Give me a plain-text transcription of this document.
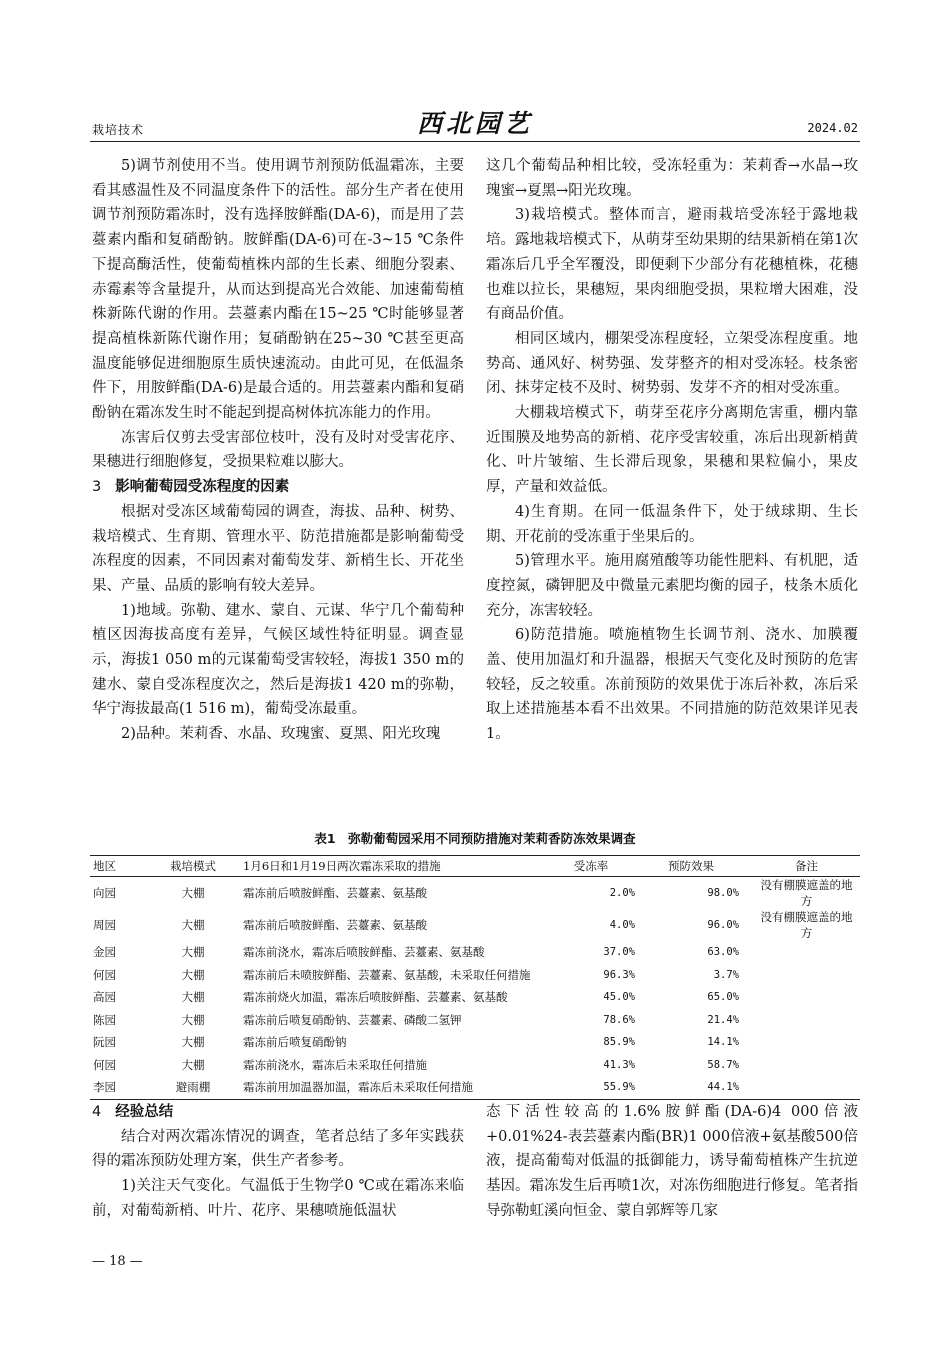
栽培技术	西北园艺	2024.02

5)调节剂使用不当。使用调节剂预防低温霜冻，主要看其感温性及不同温度条件下的活性。部分生产者在使用调节剂预防霜冻时，没有选择胺鲜酯(DA-6)，而是用了芸薹素内酯和复硝酚钠。胺鲜酯(DA-6)可在-3~15 ℃条件下提高酶活性，使葡萄植株内部的生长素、细胞分裂素、赤霉素等含量提升，从而达到提高光合效能、加速葡萄植株新陈代谢的作用。芸薹素内酯在15~25 ℃时能够显著提高植株新陈代谢作用；复硝酚钠在25~30 ℃甚至更高温度能够促进细胞原生质快速流动。由此可见，在低温条件下，用胺鲜酯(DA-6)是最合适的。用芸薹素内酯和复硝酚钠在霜冻发生时不能起到提高树体抗冻能力的作用。

冻害后仅剪去受害部位枝叶，没有及时对受害花序、果穗进行细胞修复，受损果粒难以膨大。

3 影响葡萄园受冻程度的因素

根据对受冻区域葡萄园的调查，海拔、品种、树势、栽培模式、生育期、管理水平、防范措施都是影响葡萄受冻程度的因素，不同因素对葡萄发芽、新梢生长、开花坐果、产量、品质的影响有较大差异。

1)地域。弥勒、建水、蒙自、元谋、华宁几个葡萄种植区因海拔高度有差异，气候区域性特征明显。调查显示，海拔1 050 m的元谋葡萄受害较轻，海拔1 350 m的建水、蒙自受冻程度次之，然后是海拔1 420 m的弥勒，华宁海拔最高(1 516 m)，葡萄受冻最重。

2)品种。茉莉香、水晶、玫瑰蜜、夏黑、阳光玫瑰

这几个葡萄品种相比较，受冻轻重为：茉莉香→水晶→玫瑰蜜→夏黑→阳光玫瑰。

3)栽培模式。整体而言，避雨栽培受冻轻于露地栽培。露地栽培模式下，从萌芽至幼果期的结果新梢在第1次霜冻后几乎全军覆没，即便剩下少部分有花穗植株，花穗也难以拉长，果穗短，果肉细胞受损，果粒增大困难，没有商品价值。

相同区域内，棚架受冻程度轻，立架受冻程度重。地势高、通风好、树势强、发芽整齐的相对受冻轻。枝条密闭、抹芽定枝不及时、树势弱、发芽不齐的相对受冻重。

大棚栽培模式下，萌芽至花序分离期危害重，棚内靠近围膜及地势高的新梢、花序受害较重，冻后出现新梢黄化、叶片皱缩、生长滞后现象，果穗和果粒偏小，果皮厚，产量和效益低。

4)生育期。在同一低温条件下，处于绒球期、生长期、开花前的受冻重于坐果后的。

5)管理水平。施用腐殖酸等功能性肥料、有机肥，适度控氮，磷钾肥及中微量元素肥均衡的园子，枝条木质化充分，冻害较轻。

6)防范措施。喷施植物生长调节剂、浇水、加膜覆盖、使用加温灯和升温器，根据天气变化及时预防的危害较轻，反之较重。冻前预防的效果优于冻后补救，冻后采取上述措施基本看不出效果。不同措施的防范效果详见表1。

表1　弥勒葡萄园采用不同预防措施对茉莉香防冻效果调查
地区	栽培模式	1月6日和1月19日两次霜冻采取的措施	受冻率	预防效果	备注
向园	大棚	霜冻前后喷胺鲜酯、芸薹素、氨基酸	2.0%	98.0%	没有棚膜遮盖的地方
周园	大棚	霜冻前后喷胺鲜酯、芸薹素、氨基酸	4.0%	96.0%	没有棚膜遮盖的地方
金园	大棚	霜冻前浇水，霜冻后喷胺鲜酯、芸薹素、氨基酸	37.0%	63.0%	
何园	大棚	霜冻前后未喷胺鲜酯、芸薹素、氨基酸，未采取任何措施	96.3%	3.7%	
高园	大棚	霜冻前烧火加温，霜冻后喷胺鲜酯、芸薹素、氨基酸	45.0%	65.0%	
陈园	大棚	霜冻前后喷复硝酚钠、芸薹素、磷酸二氢钾	78.6%	21.4%	
阮园	大棚	霜冻前后喷复硝酚钠	85.9%	14.1%	
何园	大棚	霜冻前浇水，霜冻后未采取任何措施	41.3%	58.7%	
李园	避雨棚	霜冻前用加温器加温，霜冻后未采取任何措施	55.9%	44.1%	
4 经验总结

结合对两次霜冻情况的调查，笔者总结了多年实践获得的霜冻预防处理方案，供生产者参考。

1)关注天气变化。气温低于生物学0 ℃或在霜冻来临前，对葡萄新梢、叶片、花序、果穗喷施低温状

态下活性较高的1.6%胺鲜酯(DA-6)4 000倍液+0.01%24-表芸薹素内酯(BR)1 000倍液+氨基酸500倍液，提高葡萄对低温的抵御能力，诱导葡萄植株产生抗逆基因。霜冻发生后再喷1次，对冻伤细胞进行修复。笔者指导弥勒虹溪向恒金、蒙自郭辉等几家

— 18 —
